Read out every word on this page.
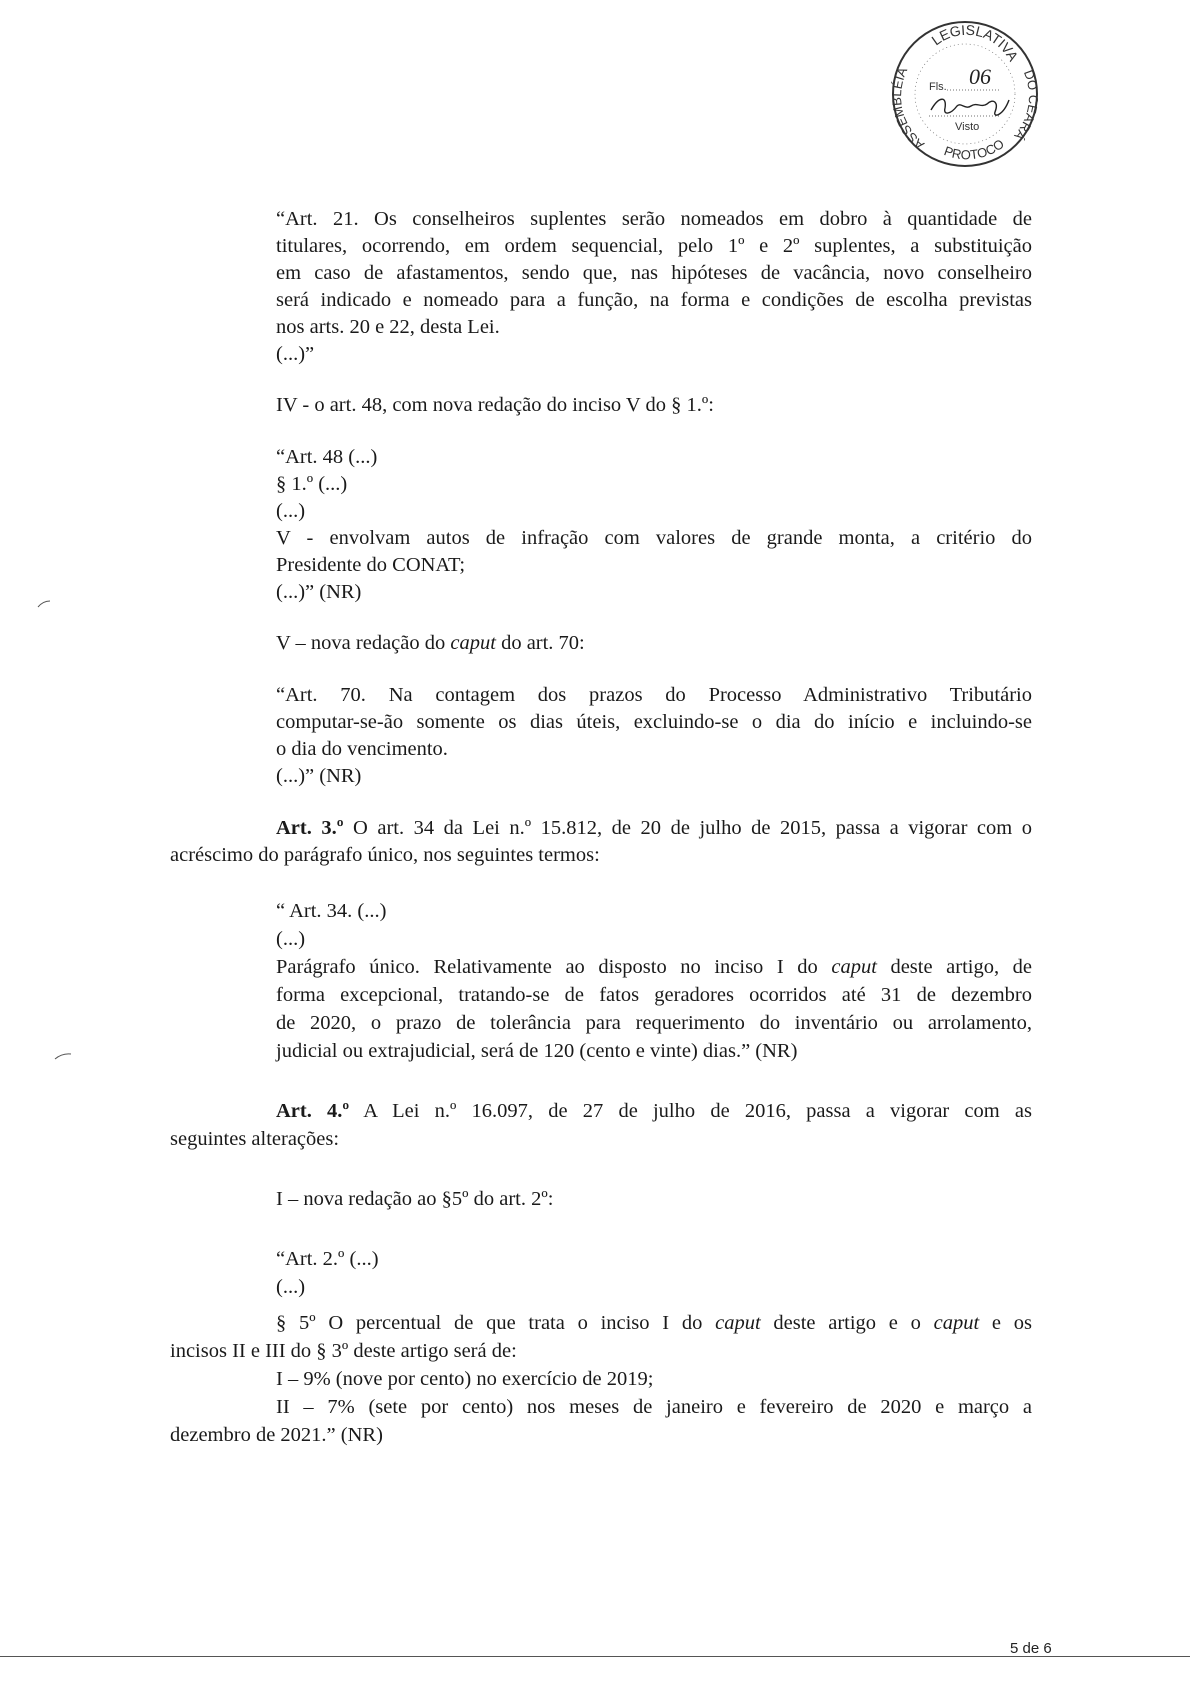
LEGISLATIVA
ASSEMBLÉIA	DO CEARÁ
PROTOCO
Fls. 06
Visto
“Art. 21. Os conselheiros suplentes serão nomeados em dobro à quantidade de
titulares, ocorrendo, em ordem sequencial, pelo 1º e 2º suplentes, a substituição
em caso de afastamentos, sendo que, nas hipóteses de vacância, novo conselheiro
será indicado e nomeado para a função, na forma e condições de escolha previstas
nos arts. 20 e 22, desta Lei.
(...)”
IV - o art. 48, com nova redação do inciso V do § 1.º:
“Art. 48 (...)
§ 1.º (...)
(...)
V - envolvam autos de infração com valores de grande monta, a critério do
Presidente do CONAT;
(...)” (NR)
V – nova redação do caput do art. 70:
“Art. 70. Na contagem dos prazos do Processo Administrativo Tributário
computar-se-ão somente os dias úteis, excluindo-se o dia do início e incluindo-se
o dia do vencimento.
(...)” (NR)
Art. 3.º O art. 34 da Lei n.º 15.812, de 20 de julho de 2015, passa a vigorar com o
acréscimo do parágrafo único, nos seguintes termos:
“ Art. 34. (...)
(...)
Parágrafo único. Relativamente ao disposto no inciso I do caput deste artigo, de
forma excepcional, tratando-se de fatos geradores ocorridos até 31 de dezembro
de 2020, o prazo de tolerância para requerimento do inventário ou arrolamento,
judicial ou extrajudicial, será de 120 (cento e vinte) dias.” (NR)
Art. 4.º A Lei n.º 16.097, de 27 de julho de 2016, passa a vigorar com as
seguintes alterações:
I – nova redação ao §5º do art. 2º:
“Art. 2.º (...)
(...)
§ 5º O percentual de que trata o inciso I do caput deste artigo e o caput e os
incisos II e III do § 3º deste artigo será de:
I – 9% (nove por cento) no exercício de 2019;
II – 7% (sete por cento) nos meses de janeiro e fevereiro de 2020 e março a
dezembro de 2021.” (NR)
5 de 6
